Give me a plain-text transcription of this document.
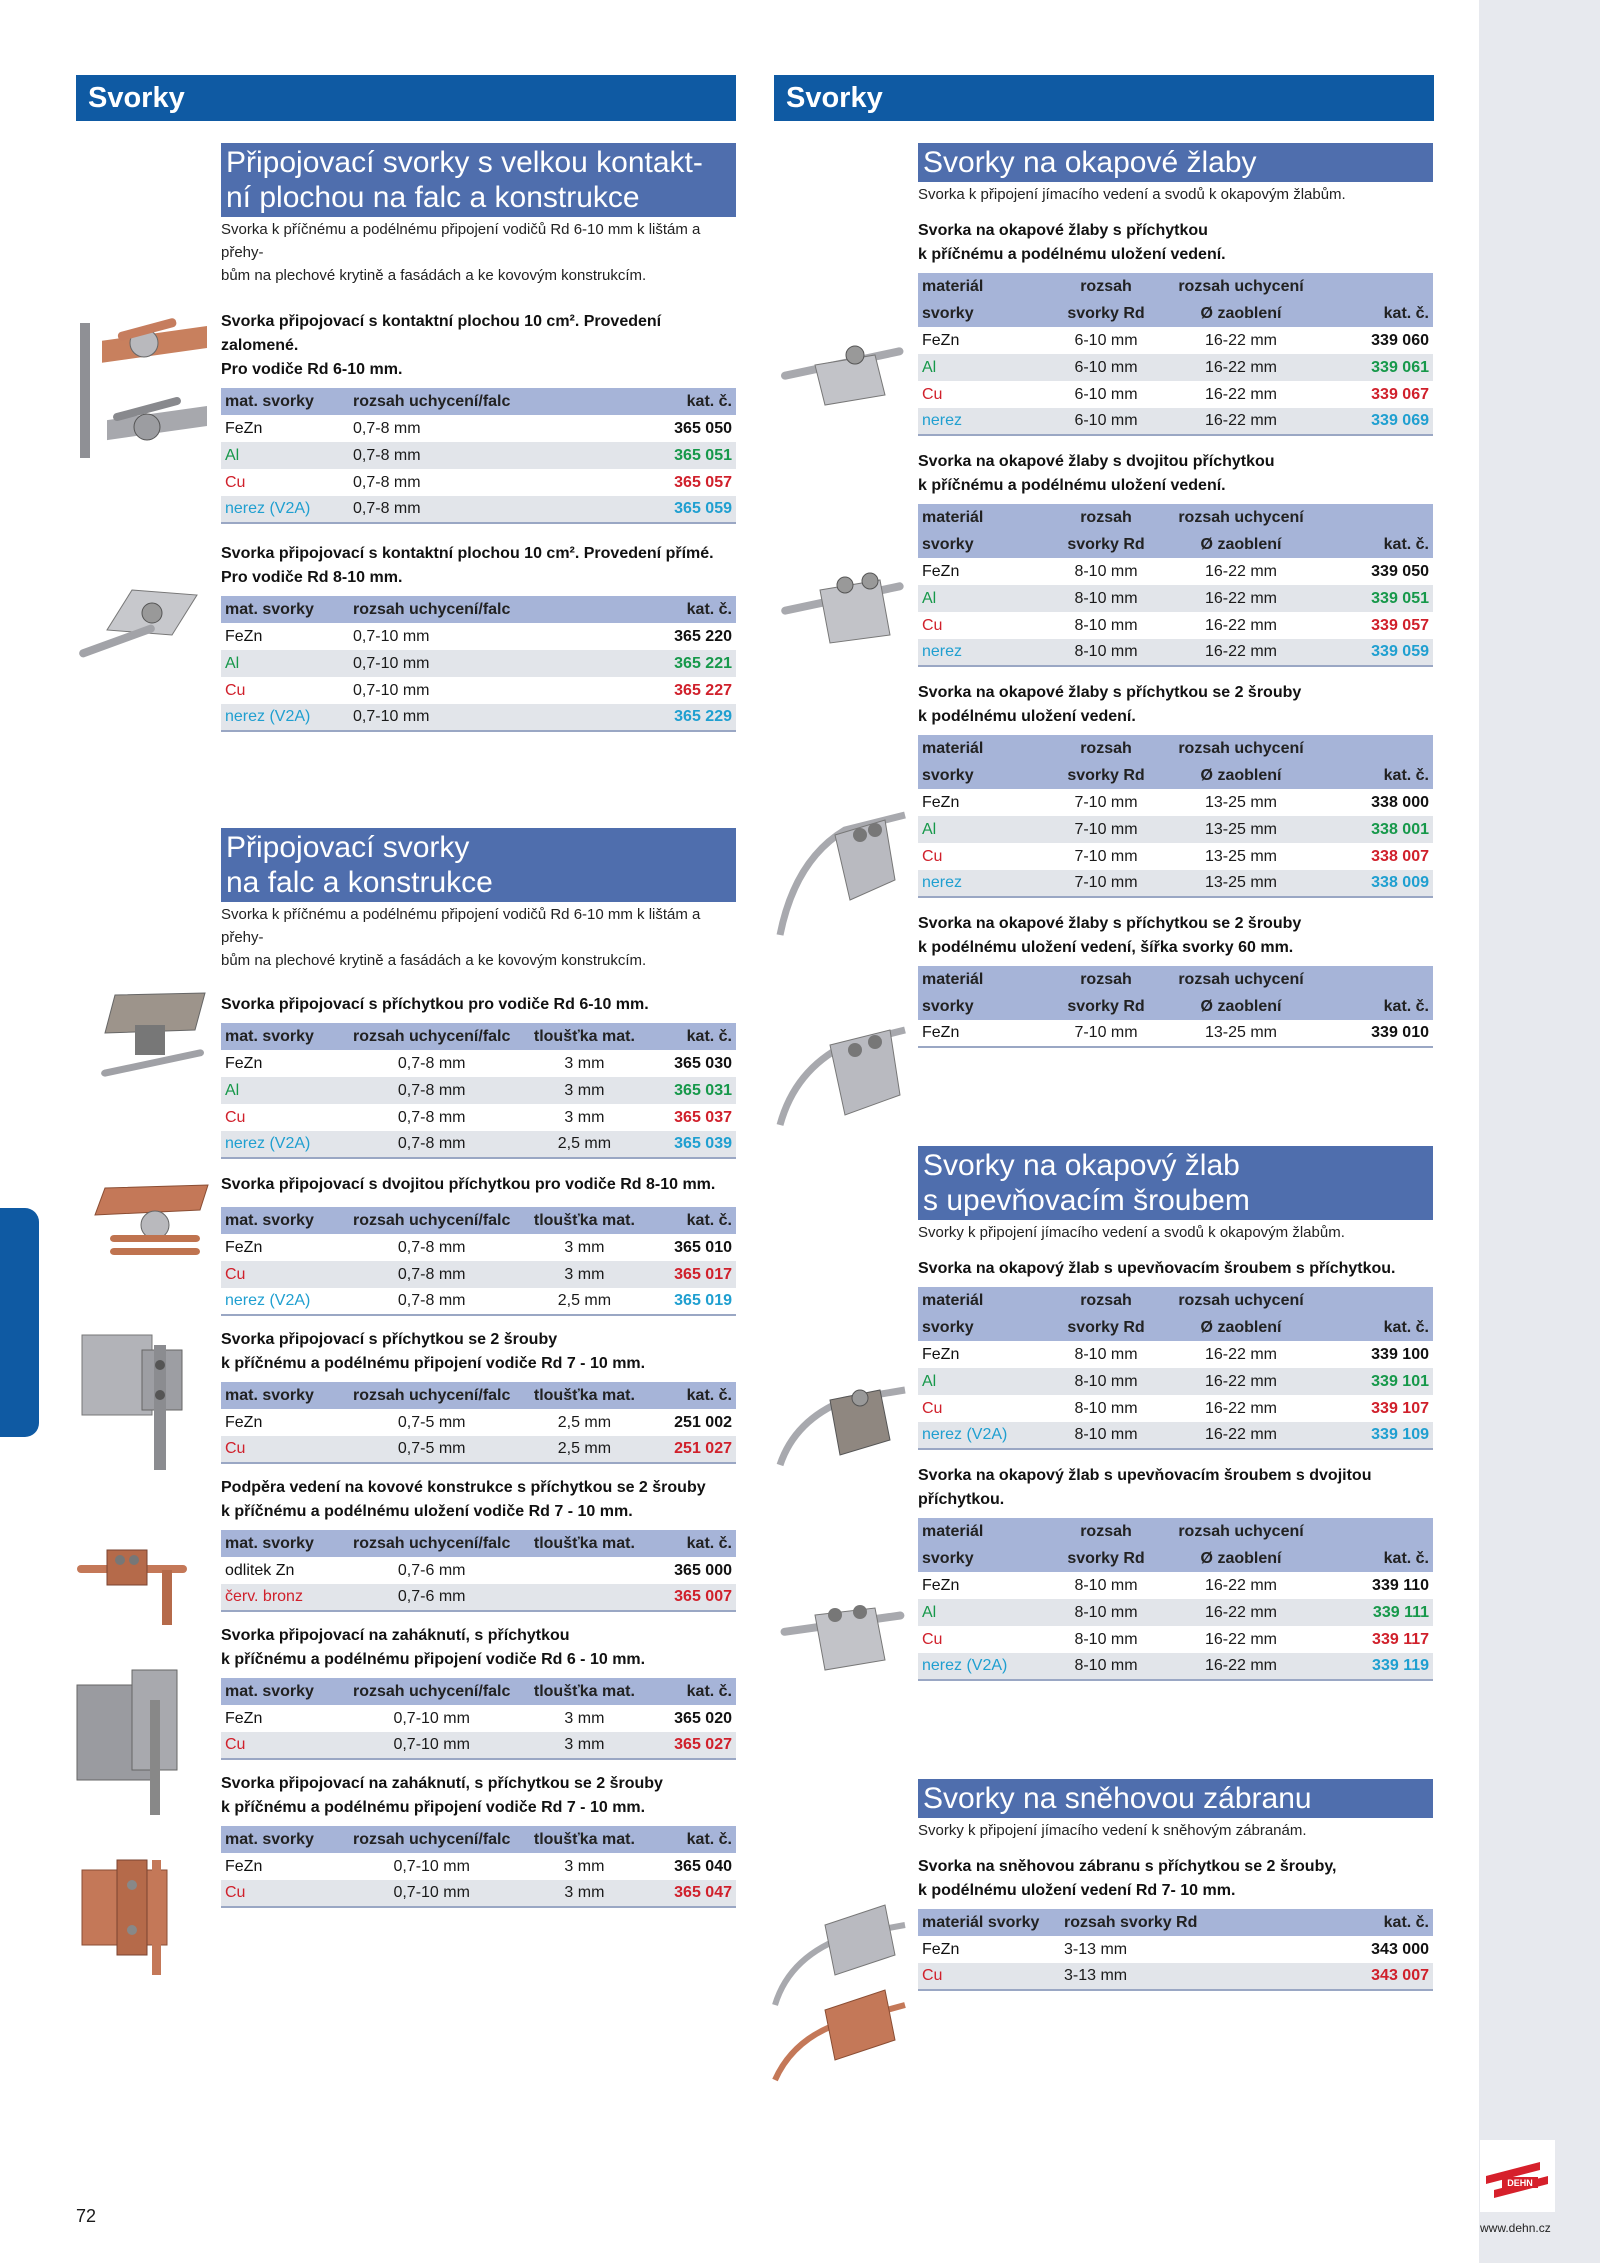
Svorky	Svorky
Připojovací svorky s velkou kontakt-
ní plochou na falc a konstrukce
Svorka k příčnému a podélnému připojení vodičů Rd 6-10 mm k lištám a přehy-
bům na plechové krytině a fasádách a ke kovovým konstrukcím.
Svorka připojovací s kontaktní plochou 10 cm². Provedení zalomené.
Pro vodiče Rd 6-10 mm.
mat. svorky	rozsah uchycení/falc	kat. č.
FeZn	0,7-8 mm	365 050
Al	0,7-8 mm	365 051
Cu	0,7-8 mm	365 057
nerez (V2A)	0,7-8 mm	365 059
Svorka připojovací s kontaktní plochou 10 cm². Provedení přímé.
Pro vodiče Rd 8-10 mm.
mat. svorky	rozsah uchycení/falc	kat. č.
FeZn	0,7-10 mm	365 220
Al	0,7-10 mm	365 221
Cu	0,7-10 mm	365 227
nerez (V2A)	0,7-10 mm	365 229
Připojovací svorky
na falc a konstrukce
Svorka k příčnému a podélnému připojení vodičů Rd 6-10 mm k lištám a přehy-
bům na plechové krytině a fasádách a ke kovovým konstrukcím.
Svorka připojovací s příchytkou pro vodiče Rd 6-10 mm.
mat. svorky	rozsah uchycení/falc	tloušťka mat.	kat. č.
FeZn	0,7-8 mm	3 mm	365 030
Al	0,7-8 mm	3 mm	365 031
Cu	0,7-8 mm	3 mm	365 037
nerez (V2A)	0,7-8 mm	2,5 mm	365 039
Svorka připojovací s dvojitou příchytkou pro vodiče Rd 8-10 mm.
mat. svorky	rozsah uchycení/falc	tloušťka mat.	kat. č.
FeZn	0,7-8 mm	3 mm	365 010
Cu	0,7-8 mm	3 mm	365 017
nerez (V2A)	0,7-8 mm	2,5 mm	365 019
Svorka připojovací s příchytkou se 2 šrouby
k příčnému a podélnému připojení vodiče Rd 7 - 10 mm.
mat. svorky	rozsah uchycení/falc	tloušťka mat.	kat. č.
FeZn	0,7-5 mm	2,5 mm	251 002
Cu	0,7-5 mm	2,5 mm	251 027
Podpěra vedení na kovové konstrukce s příchytkou se 2 šrouby
k příčnému a podélnému uložení vodiče Rd 7 - 10 mm.
mat. svorky	rozsah uchycení/falc	tloušťka mat.	kat. č.
odlitek Zn	0,7-6 mm		365 000
červ. bronz	0,7-6 mm		365 007
Svorka připojovací na zaháknutí, s příchytkou
k příčnému a podélnému připojení vodiče Rd 6 - 10 mm.
mat. svorky	rozsah uchycení/falc	tloušťka mat.	kat. č.
FeZn	0,7-10 mm	3 mm	365 020
Cu	0,7-10 mm	3 mm	365 027
Svorka připojovací na zaháknutí, s příchytkou se 2 šrouby
k příčnému a podélnému připojení vodiče Rd 7 - 10 mm.
mat. svorky	rozsah uchycení/falc	tloušťka mat.	kat. č.
FeZn	0,7-10 mm	3 mm	365 040
Cu	0,7-10 mm	3 mm	365 047
Svorky na okapové žlaby
Svorka k připojení jímacího vedení a svodů k okapovým žlabům.
Svorka na okapové žlaby s příchytkou
k příčnému a podélnému uložení vedení.
materiál	rozsah	rozsah uchycení	
svorky	svorky Rd	Ø zaoblení	kat. č.
FeZn	6-10 mm	16-22 mm	339 060
Al	6-10 mm	16-22 mm	339 061
Cu	6-10 mm	16-22 mm	339 067
nerez	6-10 mm	16-22 mm	339 069
Svorka na okapové žlaby s dvojitou příchytkou
k příčnému a podélnému uložení vedení.
materiál	rozsah	rozsah uchycení	
svorky	svorky Rd	Ø zaoblení	kat. č.
FeZn	8-10 mm	16-22 mm	339 050
Al	8-10 mm	16-22 mm	339 051
Cu	8-10 mm	16-22 mm	339 057
nerez	8-10 mm	16-22 mm	339 059
Svorka na okapové žlaby s příchytkou se 2 šrouby
k podélnému uložení vedení.
materiál	rozsah	rozsah uchycení	
svorky	svorky Rd	Ø zaoblení	kat. č.
FeZn	7-10 mm	13-25 mm	338 000
Al	7-10 mm	13-25 mm	338 001
Cu	7-10 mm	13-25 mm	338 007
nerez	7-10 mm	13-25 mm	338 009
Svorka na okapové žlaby s příchytkou se 2 šrouby
k podélnému uložení vedení, šířka svorky 60 mm.
materiál	rozsah	rozsah uchycení	
svorky	svorky Rd	Ø zaoblení	kat. č.
FeZn	7-10 mm	13-25 mm	339 010
Svorky na okapový žlab
s upevňovacím šroubem
Svorky k připojení jímacího vedení a svodů k okapovým žlabům.
Svorka na okapový žlab s upevňovacím šroubem s příchytkou.
materiál	rozsah	rozsah uchycení	
svorky	svorky Rd	Ø zaoblení	kat. č.
FeZn	8-10 mm	16-22 mm	339 100
Al	8-10 mm	16-22 mm	339 101
Cu	8-10 mm	16-22 mm	339 107
nerez (V2A)	8-10 mm	16-22 mm	339 109
Svorka na okapový žlab s upevňovacím šroubem s dvojitou příchytkou.
materiál	rozsah	rozsah uchycení	
svorky	svorky Rd	Ø zaoblení	kat. č.
FeZn	8-10 mm	16-22 mm	339 110
Al	8-10 mm	16-22 mm	339 111
Cu	8-10 mm	16-22 mm	339 117
nerez (V2A)	8-10 mm	16-22 mm	339 119
Svorky na sněhovou zábranu
Svorky k připojení jímacího vedení k sněhovým zábranám.
Svorka na sněhovou zábranu s příchytkou se 2 šrouby,
k podélnému uložení vedení Rd 7- 10 mm.
materiál svorky	rozsah svorky Rd	kat. č.
FeZn	3-13 mm	343 000
Cu	3-13 mm	343 007
72
DEHN
www.dehn.cz
